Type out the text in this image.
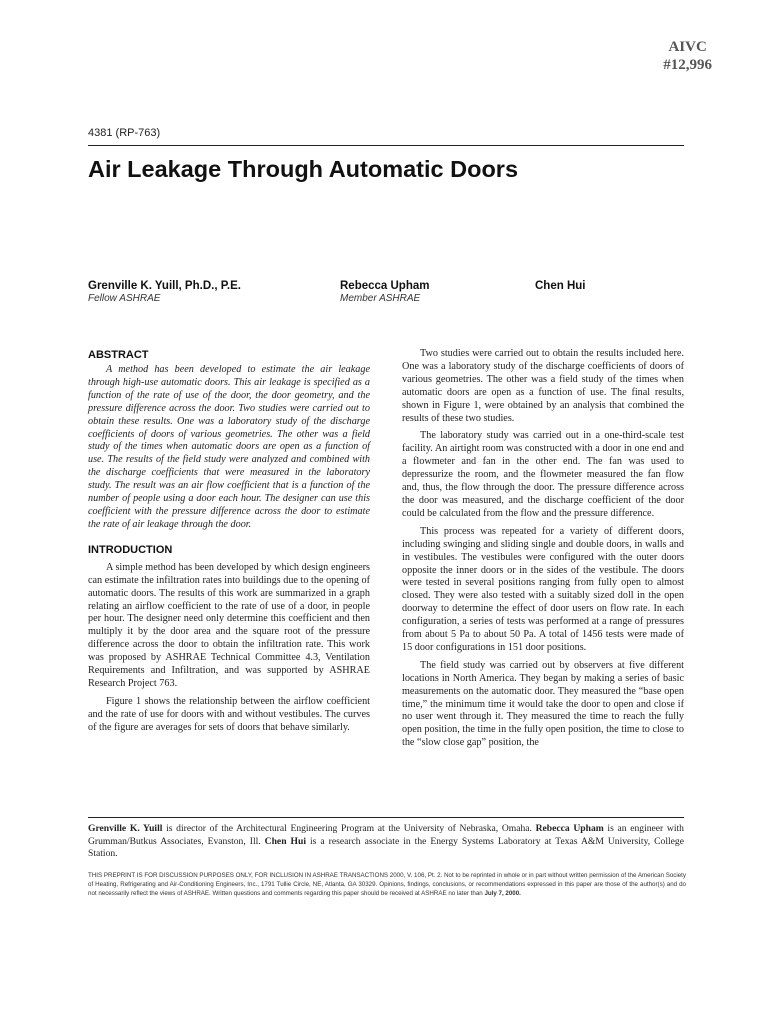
AIVC
#12,996
4381 (RP-763)
Air Leakage Through Automatic Doors
Grenville K. Yuill, Ph.D., P.E.
Fellow ASHRAE
Rebecca Upham
Member ASHRAE
Chen Hui
ABSTRACT

A method has been developed to estimate the air leakage through high-use automatic doors. This air leakage is specified as a function of the rate of use of the door, the door geometry, and the pressure difference across the door. Two studies were carried out to obtain these results. One was a laboratory study of the discharge coefficients of doors of various geometries. The other was a field study of the times when automatic doors are open as a function of use. The results of the field study were analyzed and combined with the discharge coefficients that were measured in the laboratory study. The result was an air flow coefficient that is a function of the number of people using a door each hour. The designer can use this coefficient with the pressure difference across the door to estimate the rate of air leakage through the door.

INTRODUCTION

A simple method has been developed by which design engineers can estimate the infiltration rates into buildings due to the opening of automatic doors. The results of this work are summarized in a graph relating an airflow coefficient to the rate of use of a door, in people per hour. The designer need only determine this coefficient and then multiply it by the door area and the square root of the pressure difference across the door to obtain the infiltration rate. This work was proposed by ASHRAE Technical Committee 4.3, Ventilation Requirements and Infiltration, and was supported by ASHRAE Research Project 763.

Figure 1 shows the relationship between the airflow coefficient and the rate of use for doors with and without vestibules. The curves of the figure are averages for sets of doors that behave similarly.

Two studies were carried out to obtain the results included here. One was a laboratory study of the discharge coefficients of doors of various geometries. The other was a field study of the times when automatic doors are open as a function of use. The final results, shown in Figure 1, were obtained by an analysis that combined the results of these two studies.

The laboratory study was carried out in a one-third-scale test facility. An airtight room was constructed with a door in one end and a flowmeter and fan in the other end. The fan was used to depressurize the room, and the flowmeter measured the fan flow and, thus, the flow through the door. The pressure difference across the door was measured, and the discharge coefficient of the door could be calculated from the flow and the pressure difference.

This process was repeated for a variety of different doors, including swinging and sliding single and double doors, in walls and in vestibules. The vestibules were configured with the outer doors opposite the inner doors or in the sides of the vestibule. The doors were tested in several positions ranging from fully open to almost closed. They were also tested with a suitably sized doll in the open doorway to determine the effect of door users on flow rate. In each configuration, a series of tests was performed at a range of pressures from about 5 Pa to about 50 Pa. A total of 1456 tests were made of 15 door configurations in 151 door positions.

The field study was carried out by observers at five different locations in North America. They began by making a series of basic measurements on the automatic door. They measured the “base open time,” the minimum time it would take the door to open and close if no user went through it. They measured the time to reach the fully open position, the time in the fully open position, the time to close to the “slow close gap” position, the

Grenville K. Yuill is director of the Architectural Engineering Program at the University of Nebraska, Omaha. Rebecca Upham is an engineer with Grumman/Butkus Associates, Evanston, Ill. Chen Hui is a research associate in the Energy Systems Laboratory at Texas A&M University, College Station.
THIS PREPRINT IS FOR DISCUSSION PURPOSES ONLY, FOR INCLUSION IN ASHRAE TRANSACTIONS 2000, V. 106, Pt. 2. Not to be reprinted in whole or in part without written permission of the American Society of Heating, Refrigerating and Air-Conditioning Engineers, Inc., 1791 Tullie Circle, NE, Atlanta, GA 30329. Opinions, findings, conclusions, or recommendations expressed in this paper are those of the author(s) and do not necessarily reflect the views of ASHRAE. Written questions and comments regarding this paper should be received at ASHRAE no later than July 7, 2000.
